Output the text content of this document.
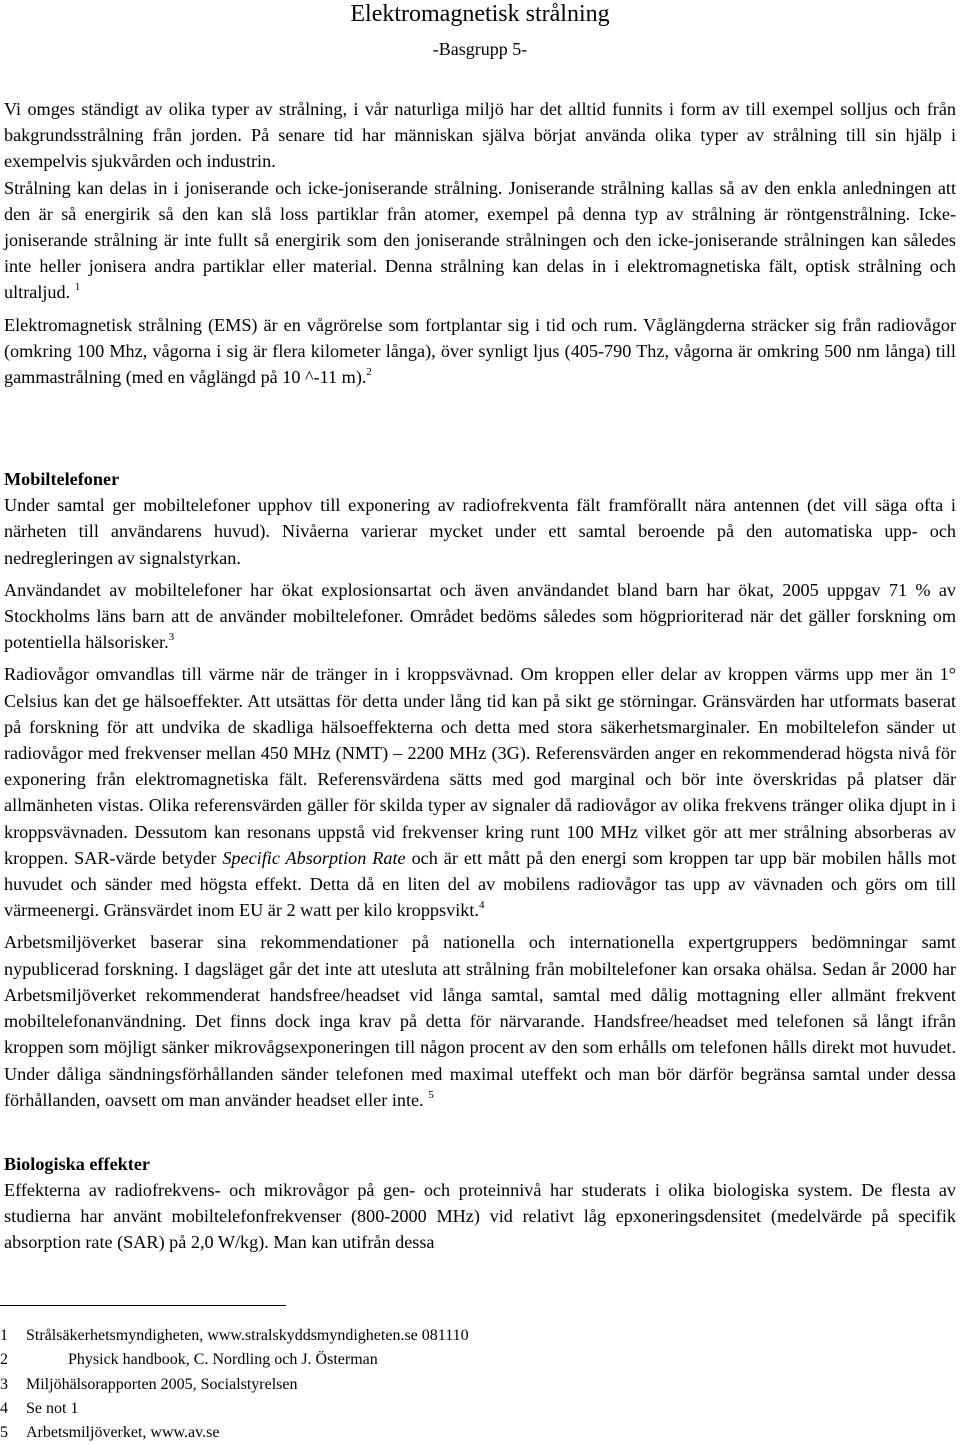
Elektromagnetisk strålning
-Basgrupp 5-

Vi omges ständigt av olika typer av strålning, i vår naturliga miljö har det alltid funnits i form av till exempel solljus och från bakgrundsstrålning från jorden. På senare tid har människan själva börjat använda olika typer av strålning till sin hjälp i exempelvis sjukvården och industrin.

Strålning kan delas in i joniserande och icke-joniserande strålning. Joniserande strålning kallas så av den enkla anledningen att den är så energirik så den kan slå loss partiklar från atomer, exempel på denna typ av strålning är röntgenstrålning. Icke-joniserande strålning är inte fullt så energirik som den joniserande strålningen och den icke-joniserande strålningen kan således inte heller jonisera andra partiklar eller material. Denna strålning kan delas in i elektromagnetiska fält, optisk strålning och ultraljud. $^1$

Elektromagnetisk strålning (EMS) är en vågrörelse som fortplantar sig i tid och rum. Våglängderna sträcker sig från radiovågor (omkring 100 Mhz, vågorna i sig är flera kilometer långa), över synligt ljus (405-790 Thz, vågorna är omkring 500 nm långa) till gammastrålning (med en våglängd på 10 ^-11 m).$^2$

Mobiltelefoner

Under samtal ger mobiltelefoner upphov till exponering av radiofrekventa fält framförallt nära antennen (det vill säga ofta i närheten till användarens huvud). Nivåerna varierar mycket under ett samtal beroende på den automatiska upp- och nedregleringen av signalstyrkan.

Användandet av mobiltelefoner har ökat explosionsartat och även användandet bland barn har ökat, 2005 uppgav 71 % av Stockholms läns barn att de använder mobiltelefoner. Området bedöms således som högprioriterad när det gäller forskning om potentiella hälsorisker.$^3$

Radiovågor omvandlas till värme när de tränger in i kroppsvävnad. Om kroppen eller delar av kroppen värms upp mer än 1° Celsius kan det ge hälsoeffekter. Att utsättas för detta under lång tid kan på sikt ge störningar. Gränsvärden har utformats baserat på forskning för att undvika de skadliga hälsoeffekterna och detta med stora säkerhetsmarginaler. En mobiltelefon sänder ut radiovågor med frekvenser mellan 450 MHz (NMT) – 2200 MHz (3G). Referensvärden anger en rekommenderad högsta nivå för exponering från elektromagnetiska fält. Referensvärdena sätts med god marginal och bör inte överskridas på platser där allmänheten vistas. Olika referensvärden gäller för skilda typer av signaler då radiovågor av olika frekvens tränger olika djupt in i kroppsvävnaden. Dessutom kan resonans uppstå vid frekvenser kring runt 100 MHz vilket gör att mer strålning absorberas av kroppen. SAR-värde betyder Specific Absorption Rate och är ett mått på den energi som kroppen tar upp bär mobilen hålls mot huvudet och sänder med högsta effekt. Detta då en liten del av mobilens radiovågor tas upp av vävnaden och görs om till värmeenergi. Gränsvärdet inom EU är 2 watt per kilo kroppsvikt.$^4$

Arbetsmiljöverket baserar sina rekommendationer på nationella och internationella expertgruppers bedömningar samt nypublicerad forskning. I dagsläget går det inte att utesluta att strålning från mobiltelefoner kan orsaka ohälsa. Sedan år 2000 har Arbetsmiljöverket rekommenderat handsfree/headset vid långa samtal, samtal med dålig mottagning eller allmänt frekvent mobiltelefonanvändning. Det finns dock inga krav på detta för närvarande. Handsfree/headset med telefonen så långt ifrån kroppen som möjligt sänker mikrovågsexponeringen till någon procent av den som erhålls om telefonen hålls direkt mot huvudet. Under dåliga sändningsförhållanden sänder telefonen med maximal uteffekt och man bör därför begränsa samtal under dessa förhållanden, oavsett om man använder headset eller inte. $^5$

Biologiska effekter

Effekterna av radiofrekvens- och mikrovågor på gen- och proteinnivå har studerats i olika biologiska system. De flesta av studierna har använt mobiltelefonfrekvenser (800-2000 MHz) vid relativt låg epxoneringsdensitet (medelvärde på specifik absorption rate (SAR) på 2,0 W/kg). Man kan utifrån dessa

1	Strålsäkerhetsmyndigheten, www.stralskyddsmyndigheten.se 081110
2	Physick handbook, C. Nordling och J. Österman
3	Miljöhälsorapporten 2005, Socialstyrelsen
4	Se not 1
5	Arbetsmiljöverket, www.av.se
